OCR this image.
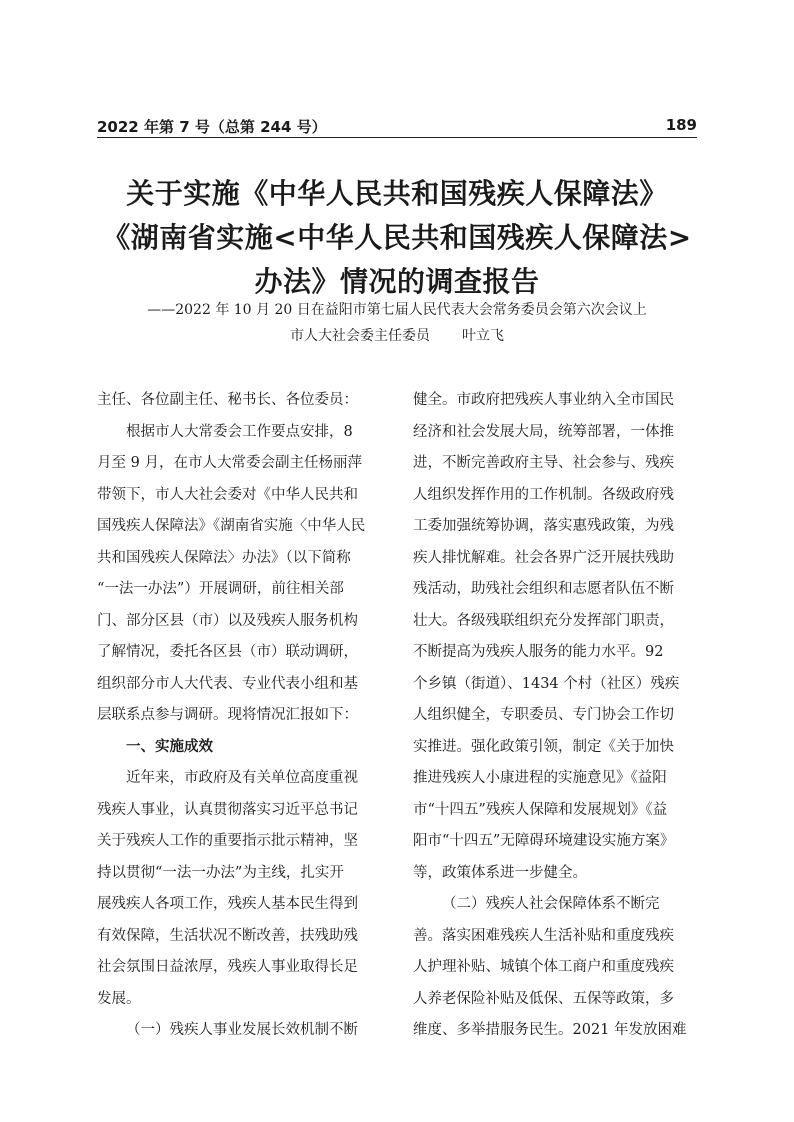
2022 年第 7 号（总第 244 号）	189
关于实施《中华人民共和国残疾人保障法》
《湖南省实施<中华人民共和国残疾人保障法>
办法》情况的调查报告
——2022 年 10 月 20 日在益阳市第七届人民代表大会常务委员会第六次会议上
市人大社会委主任委员 叶立飞
主任、各位副主任、秘书长、各位委员：
根据市人大常委会工作要点安排，8
月至 9 月，在市人大常委会副主任杨丽萍
带领下，市人大社会委对《中华人民共和
国残疾人保障法》《湖南省实施〈中华人民
共和国残疾人保障法〉办法》（以下简称
“一法一办法”）开展调研，前往相关部
门、部分区县（市）以及残疾人服务机构
了解情况，委托各区县（市）联动调研，
组织部分市人大代表、专业代表小组和基
层联系点参与调研。现将情况汇报如下：
一、实施成效
近年来，市政府及有关单位高度重视
残疾人事业，认真贯彻落实习近平总书记
关于残疾人工作的重要指示批示精神，坚
持以贯彻“一法一办法”为主线，扎实开
展残疾人各项工作，残疾人基本民生得到
有效保障，生活状况不断改善，扶残助残
社会氛围日益浓厚，残疾人事业取得长足
发展。
（一）残疾人事业发展长效机制不断
健全。市政府把残疾人事业纳入全市国民
经济和社会发展大局，统筹部署，一体推
进，不断完善政府主导、社会参与、残疾
人组织发挥作用的工作机制。各级政府残
工委加强统筹协调，落实惠残政策，为残
疾人排忧解难。社会各界广泛开展扶残助
残活动，助残社会组织和志愿者队伍不断
壮大。各级残联组织充分发挥部门职责，
不断提高为残疾人服务的能力水平。92
个乡镇（街道）、1434 个村（社区）残疾
人组织健全，专职委员、专门协会工作切
实推进。强化政策引领，制定《关于加快
推进残疾人小康进程的实施意见》《益阳
市“十四五”残疾人保障和发展规划》《益
阳市“十四五”无障碍环境建设实施方案》
等，政策体系进一步健全。
（二）残疾人社会保障体系不断完
善。落实困难残疾人生活补贴和重度残疾
人护理补贴、城镇个体工商户和重度残疾
人养老保险补贴及低保、五保等政策，多
维度、多举措服务民生。2021 年发放困难
